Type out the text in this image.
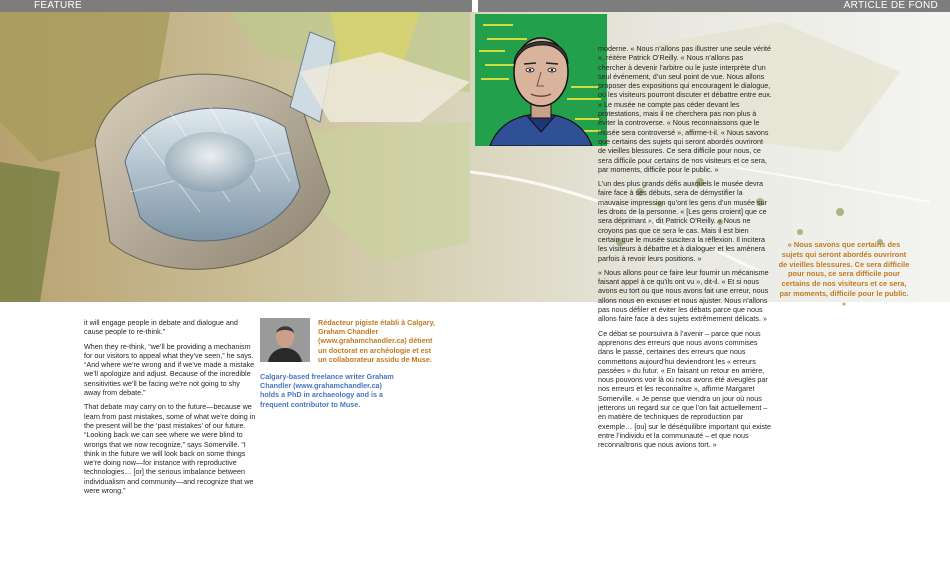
FEATURE	ARTICLE DE FOND

it will engage people in debate and dialogue and cause people to re-think.”

When they re-think, “we’ll be providing a mechanism for our visitors to appeal what they’ve seen,” he says. “And where we’re wrong and if we’ve made a mistake we’ll apologize and adjust. Because of the incredible sensitivities we’ll be facing we’re not going to shy away from debate.”

That debate may carry on to the future—because we learn from past mistakes, some of what we’re doing in the present will be the ‘past mistakes’ of our future. “Looking back we can see where we were blind to wrongs that we now recognize,” says Somerville. “I think in the future we will look back on some things we’re doing now—for instance with reproductive technologies… [or] the serious imbalance between individualism and community—and recognize that we were wrong.”

Rédacteur pigiste établi à Calgary, Graham Chandler (www.grahamchandler.ca) détient un doctorat en archéologie et est un collaborateur assidu de Muse.
Calgary-based freelance writer Graham Chandler (www.grahamchandler.ca) holds a PhD in archaeology and is a frequent contributor to Muse.

moderne. « Nous n’allons pas illustrer une seule vérité », réitère Patrick O’Reilly. « Nous n’allons pas chercher à devenir l’arbitre ou le juste interprète d’un seul événement, d’un seul point de vue. Nous allons proposer des expositions qui encouragent le dialogue, où les visiteurs pourront discuter et débattre entre eux. » Le musée ne compte pas céder devant les protestations, mais il ne cherchera pas non plus à éviter la controverse. « Nous reconnaissons que le musée sera controversé », affirme-t-il. « Nous savons que certains des sujets qui seront abordés ouvriront de vieilles blessures. Ce sera difficile pour nous, ce sera difficile pour certains de nos visiteurs et ce sera, par moments, difficile pour le public. »

L’un des plus grands défis auxquels le musée devra faire face à ses débuts, sera de démystifier la mauvaise impression qu’ont les gens d’un musée sur les droits de la personne. « [Les gens croient] que ce sera déprimant », dit Patrick O’Reilly. « Nous ne croyons pas que ce sera le cas. Mais il est bien certain que le musée suscitera la réflexion. Il incitera les visiteurs à débattre et à dialoguer et les amènera parfois à revoir leurs positions. »

« Nous allons pour ce faire leur fournir un mécanisme faisant appel à ce qu’ils ont vu », dit-il. « Et si nous avons eu tort ou que nous avons fait une erreur, nous allons nous en excuser et nous ajuster. Nous n’allons pas nous défiler et éviter les débats parce que nous allons faire face à des sujets extrêmement délicats. »

Ce débat se poursuivra à l’avenir – parce que nous apprenons des erreurs que nous avons commises dans le passé, certaines des erreurs que nous commettons aujourd’hui deviendront les « erreurs passées » du futur. « En faisant un retour en arrière, nous pouvons voir là où nous avons été aveuglés par nos erreurs et les reconnaître », affirme Margaret Somerville. « Je pense que viendra un jour où nous jetterons un regard sur ce que l’on fait actuellement – en matière de techniques de reproduction par exemple… [ou] sur le déséquilibre important qui existe entre l’individu et la communauté – et que nous reconnaîtrons que nous avions tort. »

« Nous savons que certains des sujets qui seront abordés ouvriront de vieilles blessures. Ce sera difficile pour nous, ce sera difficile pour certains de nos visiteurs et ce sera, par moments, difficile pour le public. »
